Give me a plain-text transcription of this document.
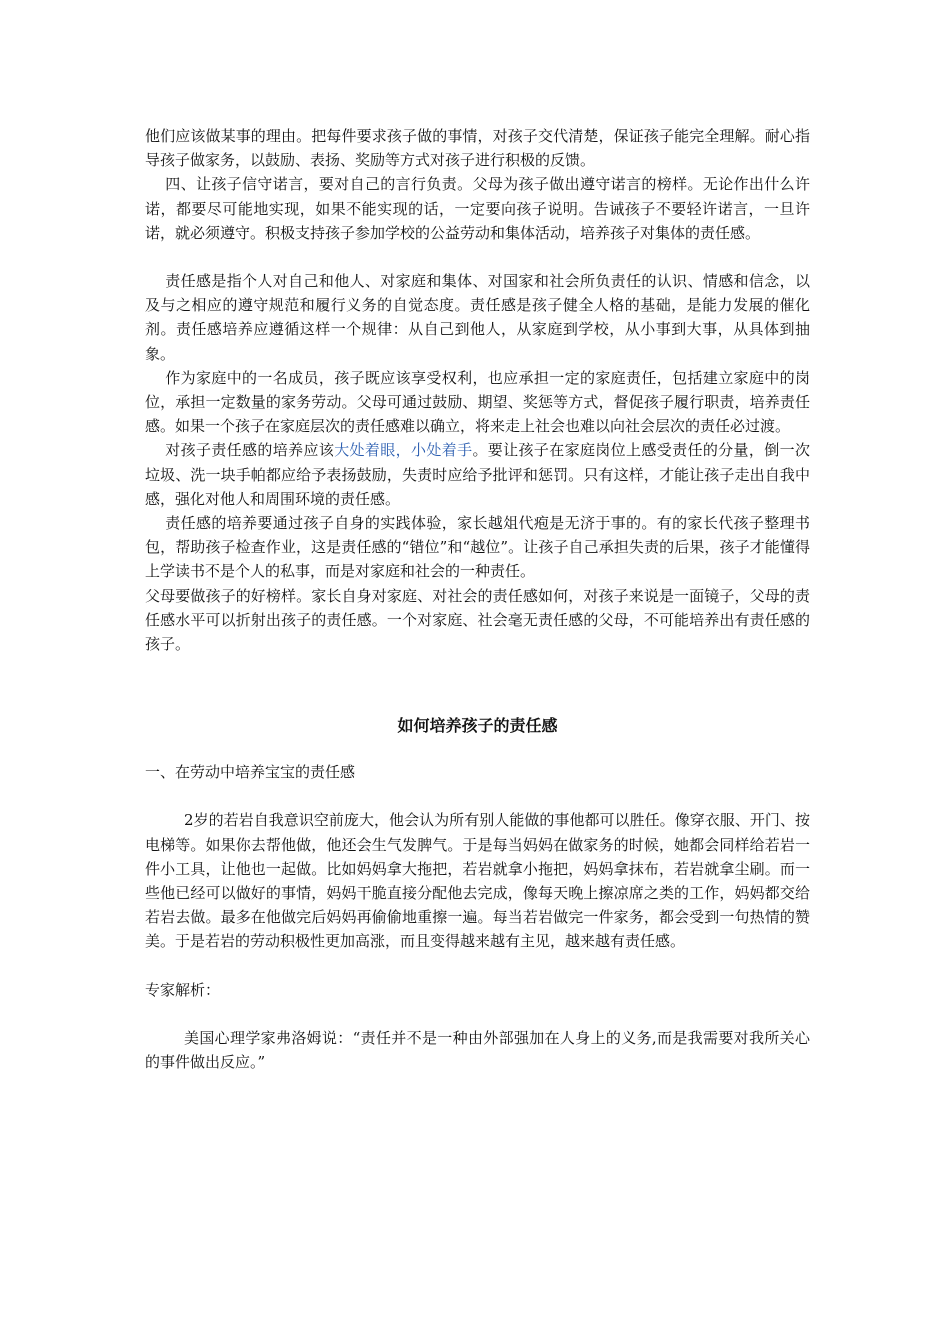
他们应该做某事的理由。把每件要求孩子做的事情，对孩子交代清楚，保证孩子能完全理解。耐心指导孩子做家务，以鼓励、表扬、奖励等方式对孩子进行积极的反馈。

四、让孩子信守诺言，要对自己的言行负责。父母为孩子做出遵守诺言的榜样。无论作出什么许诺，都要尽可能地实现，如果不能实现的话，一定要向孩子说明。告诫孩子不要轻许诺言，一旦许诺，就必须遵守。积极支持孩子参加学校的公益劳动和集体活动，培养孩子对集体的责任感。

责任感是指个人对自己和他人、对家庭和集体、对国家和社会所负责任的认识、情感和信念，以及与之相应的遵守规范和履行义务的自觉态度。责任感是孩子健全人格的基础，是能力发展的催化剂。责任感培养应遵循这样一个规律：从自己到他人，从家庭到学校，从小事到大事，从具体到抽象。

作为家庭中的一名成员，孩子既应该享受权利，也应承担一定的家庭责任，包括建立家庭中的岗位，承担一定数量的家务劳动。父母可通过鼓励、期望、奖惩等方式，督促孩子履行职责，培养责任感。如果一个孩子在家庭层次的责任感难以确立，将来走上社会也难以向社会层次的责任必过渡。

对孩子责任感的培养应该大处着眼，小处着手。要让孩子在家庭岗位上感受责任的分量，倒一次垃圾、洗一块手帕都应给予表扬鼓励，失责时应给予批评和惩罚。只有这样，才能让孩子走出自我中感，强化对他人和周围环境的责任感。

责任感的培养要通过孩子自身的实践体验，家长越俎代疱是无济于事的。有的家长代孩子整理书包，帮助孩子检查作业，这是责任感的“错位”和“越位”。让孩子自己承担失责的后果，孩子才能懂得上学读书不是个人的私事，而是对家庭和社会的一种责任。

父母要做孩子的好榜样。家长自身对家庭、对社会的责任感如何，对孩子来说是一面镜子，父母的责任感水平可以折射出孩子的责任感。一个对家庭、社会毫无责任感的父母，不可能培养出有责任感的孩子。

如何培养孩子的责任感

一、在劳动中培养宝宝的责任感

2岁的若岩自我意识空前庞大，他会认为所有别人能做的事他都可以胜任。像穿衣服、开门、按电梯等。如果你去帮他做，他还会生气发脾气。于是每当妈妈在做家务的时候，她都会同样给若岩一件小工具，让他也一起做。比如妈妈拿大拖把，若岩就拿小拖把，妈妈拿抹布，若岩就拿尘刷。而一些他已经可以做好的事情，妈妈干脆直接分配他去完成，像每天晚上擦凉席之类的工作，妈妈都交给若岩去做。最多在他做完后妈妈再偷偷地重擦一遍。每当若岩做完一件家务，都会受到一句热情的赞美。于是若岩的劳动积极性更加高涨，而且变得越来越有主见，越来越有责任感。

专家解析：

美国心理学家弗洛姆说：“责任并不是一种由外部强加在人身上的义务,而是我需要对我所关心的事件做出反应。”
